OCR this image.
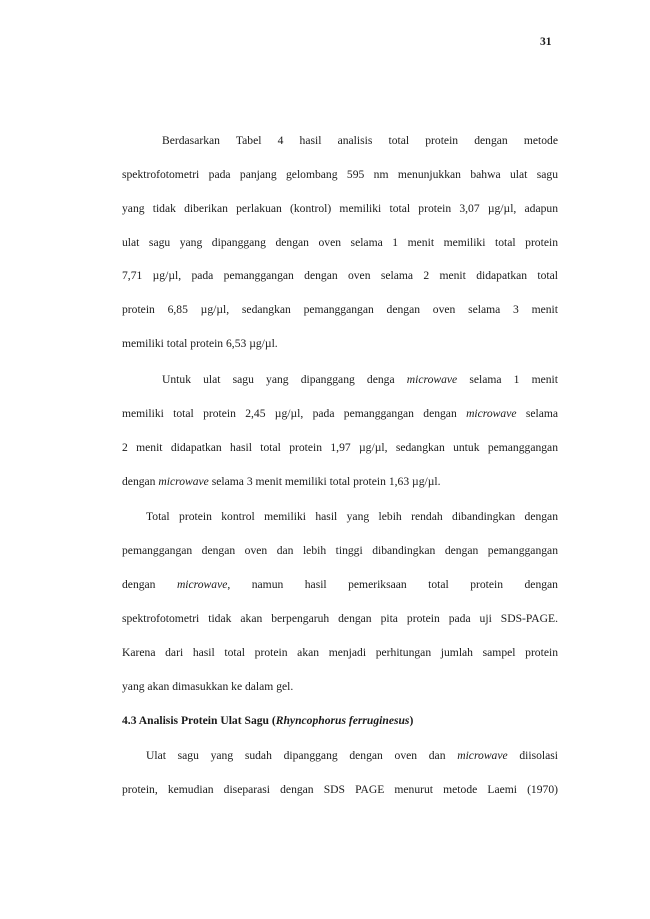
31
Berdasarkan Tabel 4 hasil analisis total protein dengan metode
spektrofotometri pada panjang gelombang 595 nm menunjukkan bahwa ulat sagu
yang tidak diberikan perlakuan (kontrol) memiliki total protein 3,07 µg/µl, adapun
ulat sagu yang dipanggang dengan oven selama 1 menit memiliki total protein
7,71 µg/µl, pada pemanggangan dengan oven selama 2 menit didapatkan total
protein 6,85 µg/µl, sedangkan pemanggangan dengan oven selama 3 menit
memiliki total protein 6,53 µg/µl.
Untuk ulat sagu yang dipanggang denga microwave selama 1 menit
memiliki total protein 2,45 µg/µl, pada pemanggangan dengan microwave selama
2 menit didapatkan hasil total protein 1,97 µg/µl, sedangkan untuk pemanggangan
dengan microwave selama 3 menit memiliki total protein 1,63 µg/µl.
Total protein kontrol memiliki hasil yang lebih rendah dibandingkan dengan
pemanggangan dengan oven dan lebih tinggi dibandingkan dengan pemanggangan
dengan microwave, namun hasil pemeriksaan total protein dengan
spektrofotometri tidak akan berpengaruh dengan pita protein pada uji SDS-PAGE.
Karena dari hasil total protein akan menjadi perhitungan jumlah sampel protein
yang akan dimasukkan ke dalam gel.
4.3 Analisis Protein Ulat Sagu (Rhyncophorus ferruginesus)
Ulat sagu yang sudah dipanggang dengan oven dan microwave diisolasi
protein, kemudian diseparasi dengan SDS PAGE menurut metode Laemi (1970)
